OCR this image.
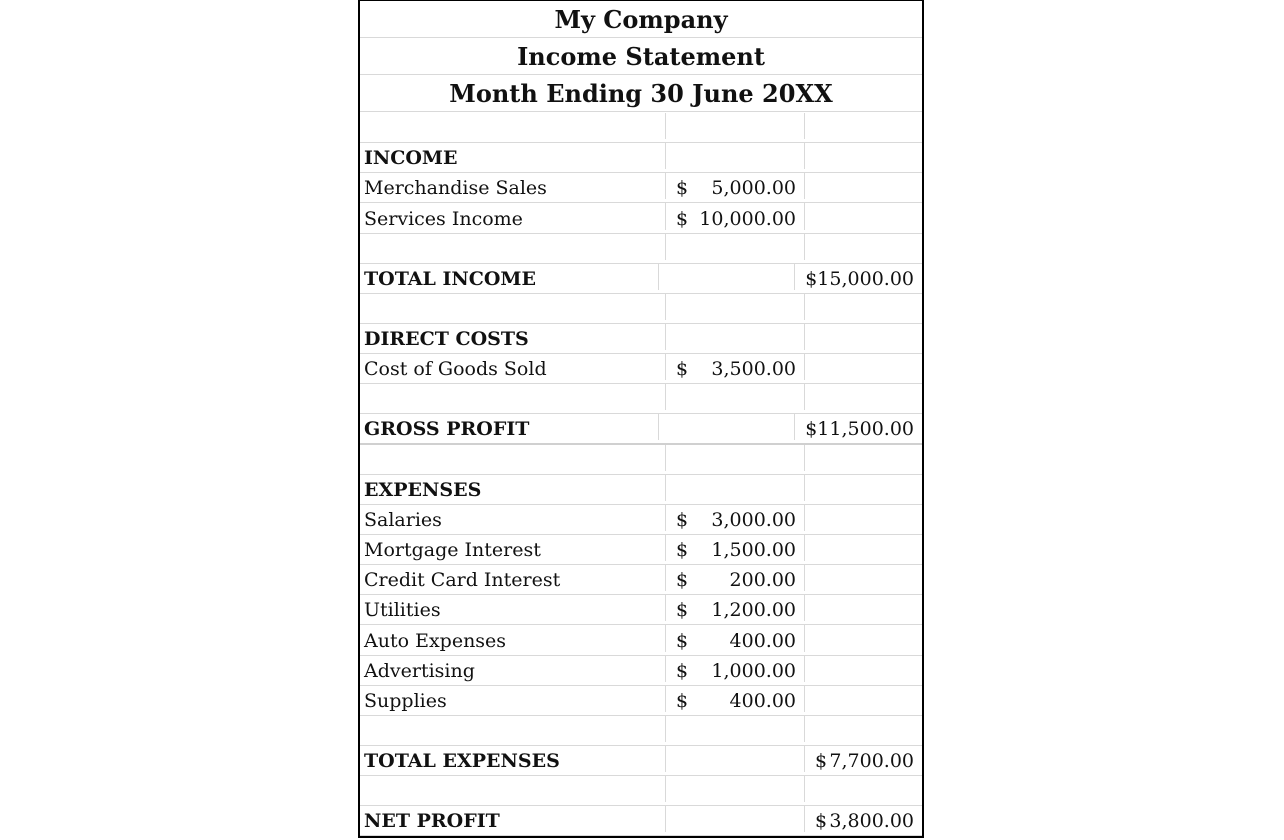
My Company
Income Statement
Month Ending 30 June 20XX
INCOME
Merchandise Sales	$ 5,000.00
Services Income	$ 10,000.00
TOTAL INCOME	$ 15,000.00
DIRECT COSTS
Cost of Goods Sold	$ 3,500.00
GROSS PROFIT	$ 11,500.00
EXPENSES
Salaries	$ 3,000.00
Mortgage Interest	$ 1,500.00
Credit Card Interest	$ 200.00
Utilities	$ 1,200.00
Auto Expenses	$ 400.00
Advertising	$ 1,000.00
Supplies	$ 400.00
TOTAL EXPENSES	$ 7,700.00
NET PROFIT	$ 3,800.00
